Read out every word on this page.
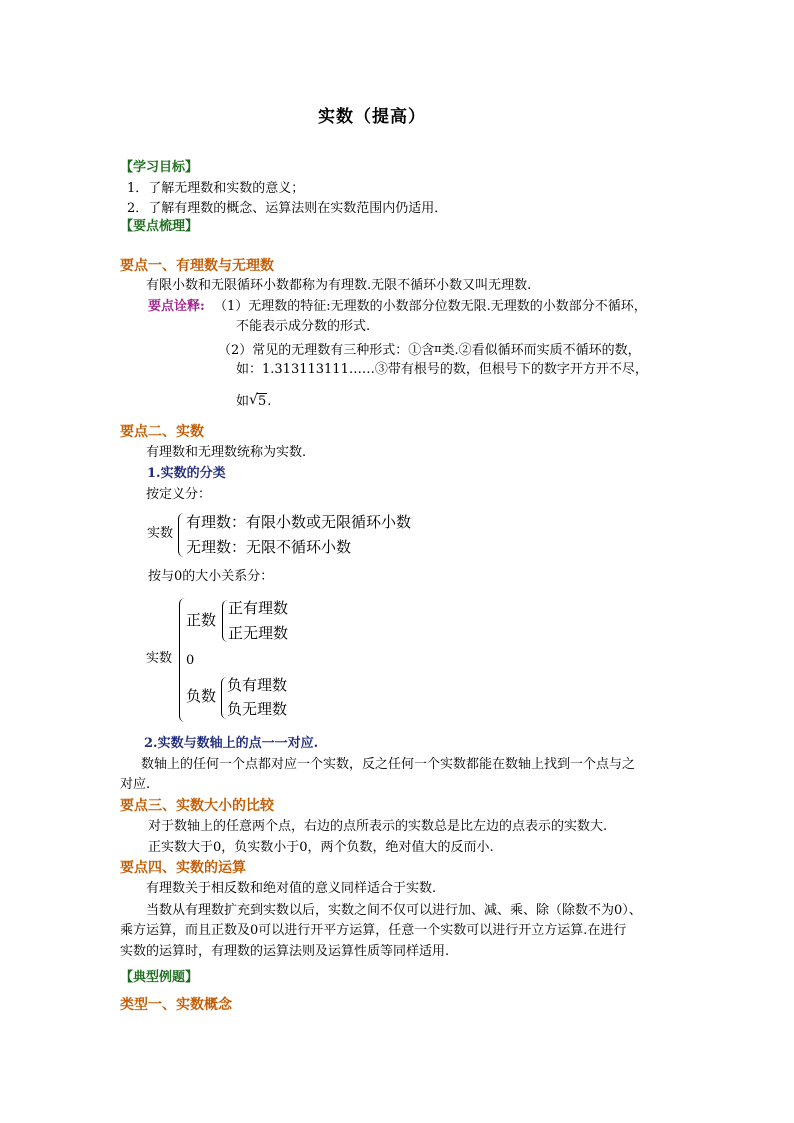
实数（提高）
【学习目标】
1．了解无理数和实数的意义；
2．了解有理数的概念、运算法则在实数范围内仍适用．
【要点梳理】
要点一、有理数与无理数
有限小数和无限循环小数都称为有理数.无限不循环小数又叫无理数.
要点诠释: （1）无理数的特征:无理数的小数部分位数无限.无理数的小数部分不循环，
不能表示成分数的形式.
（2）常见的无理数有三种形式：①含π类.②看似循环而实质不循环的数，
如：1.313113111……③带有根号的数，但根号下的数字开方开不尽，
如 √ 5.
要点二、实数
有理数和无理数统称为实数.
1.实数的分类
按定义分：
实数
有理数：有限小数或无限循环小数
无理数：无限不循环小数
按与0的大小关系分：
实数
正数
正有理数
正无理数
0
负数
负有理数
负无理数
2.实数与数轴上的点一一对应.
数轴上的任何一个点都对应一个实数，反之任何一个实数都能在数轴上找到一个点与之
对应.
要点三、实数大小的比较
对于数轴上的任意两个点，右边的点所表示的实数总是比左边的点表示的实数大.
正实数大于0，负实数小于0，两个负数，绝对值大的反而小.
要点四、实数的运算
有理数关于相反数和绝对值的意义同样适合于实数.
当数从有理数扩充到实数以后，实数之间不仅可以进行加、减、乘、除（除数不为0）、
乘方运算，而且正数及0可以进行开平方运算，任意一个实数可以进行开立方运算.在进行
实数的运算时，有理数的运算法则及运算性质等同样适用.
【典型例题】
类型一、实数概念
